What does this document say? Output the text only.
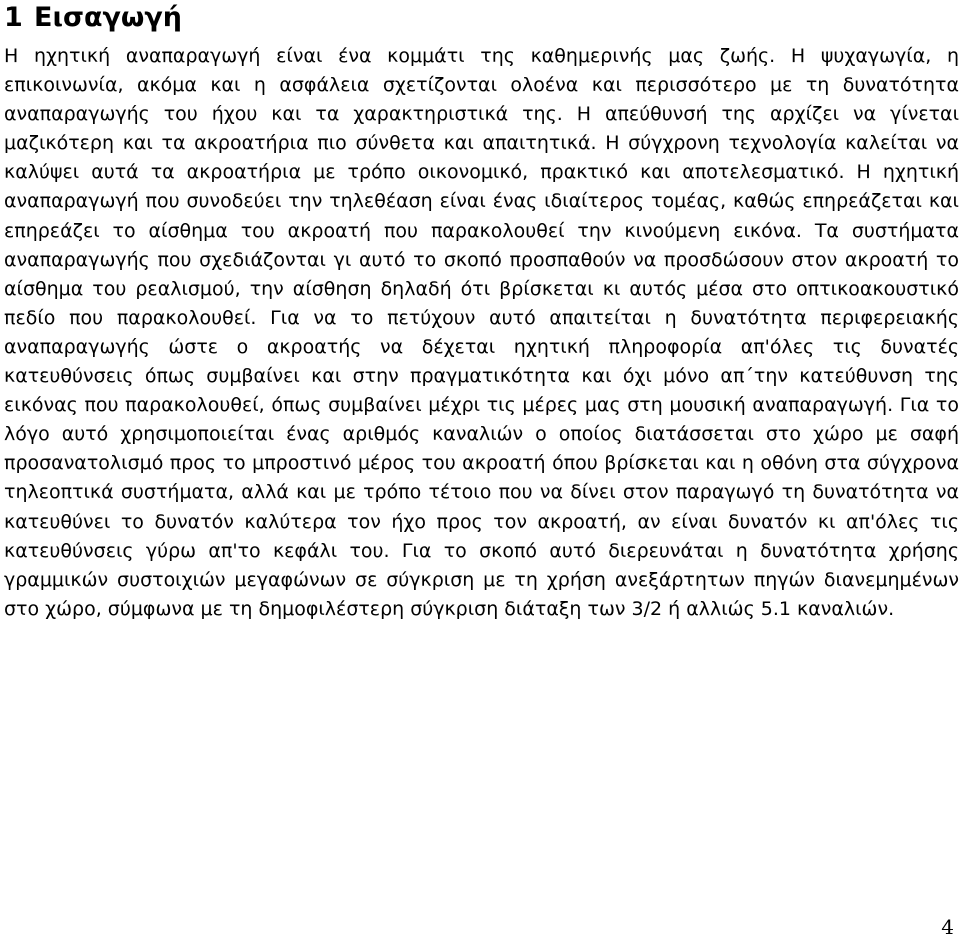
1 Εισαγωγή

Η ηχητική αναπαραγωγή είναι ένα κομμάτι της καθημερινής μας ζωής. Η ψυχαγωγία, η επικοινωνία, ακόμα και η ασφάλεια σχετίζονται ολοένα και περισσότερο με τη δυνατότητα αναπαραγωγής του ήχου και τα χαρακτηριστικά της. Η απεύθυνσή της αρχίζει να γίνεται μαζικότερη και τα ακροατήρια πιο σύνθετα και απαιτητικά. Η σύγχρονη τεχνολογία καλείται να καλύψει αυτά τα ακροατήρια με τρόπο οικονομικό, πρακτικό και αποτελεσματικό. Η ηχητική αναπαραγωγή που συνοδεύει την τηλεθέαση είναι ένας ιδιαίτερος τομέας, καθώς επηρεάζεται και επηρεάζει το αίσθημα του ακροατή που παρακολουθεί την κινούμενη εικόνα. Τα συστήματα αναπαραγωγής που σχεδιάζονται γι αυτό το σκοπό προσπαθούν να προσδώσουν στον ακροατή το αίσθημα του ρεαλισμού, την αίσθηση δηλαδή ότι βρίσκεται κι αυτός μέσα στο οπτικοακουστικό πεδίο που παρακολουθεί. Για να το πετύχουν αυτό απαιτείται η δυνατότητα περιφερειακής αναπαραγωγής ώστε ο ακροατής να δέχεται ηχητική πληροφορία απ'όλες τις δυνατές κατευθύνσεις όπως συμβαίνει και στην πραγματικότητα και όχι μόνο απ΄την κατεύθυνση της εικόνας που παρακολουθεί, όπως συμβαίνει μέχρι τις μέρες μας στη μουσική αναπαραγωγή. Για το λόγο αυτό χρησιμοποιείται ένας αριθμός καναλιών ο οποίος διατάσσεται στο χώρο με σαφή προσανατολισμό προς το μπροστινό μέρος του ακροατή όπου βρίσκεται και η οθόνη στα σύγχρονα τηλεοπτικά συστήματα, αλλά και με τρόπο τέτοιο που να δίνει στον παραγωγό τη δυνατότητα να κατευθύνει το δυνατόν καλύτερα τον ήχο προς τον ακροατή, αν είναι δυνατόν κι απ'όλες τις κατευθύνσεις γύρω απ'το κεφάλι του. Για το σκοπό αυτό διερευνάται η δυνατότητα χρήσης γραμμικών συστοιχιών μεγαφώνων σε σύγκριση με τη χρήση ανεξάρτητων πηγών διανεμημένων στο χώρο, σύμφωνα με τη δημοφιλέστερη σύγκριση διάταξη των 3/2 ή αλλιώς 5.1 καναλιών.

4
